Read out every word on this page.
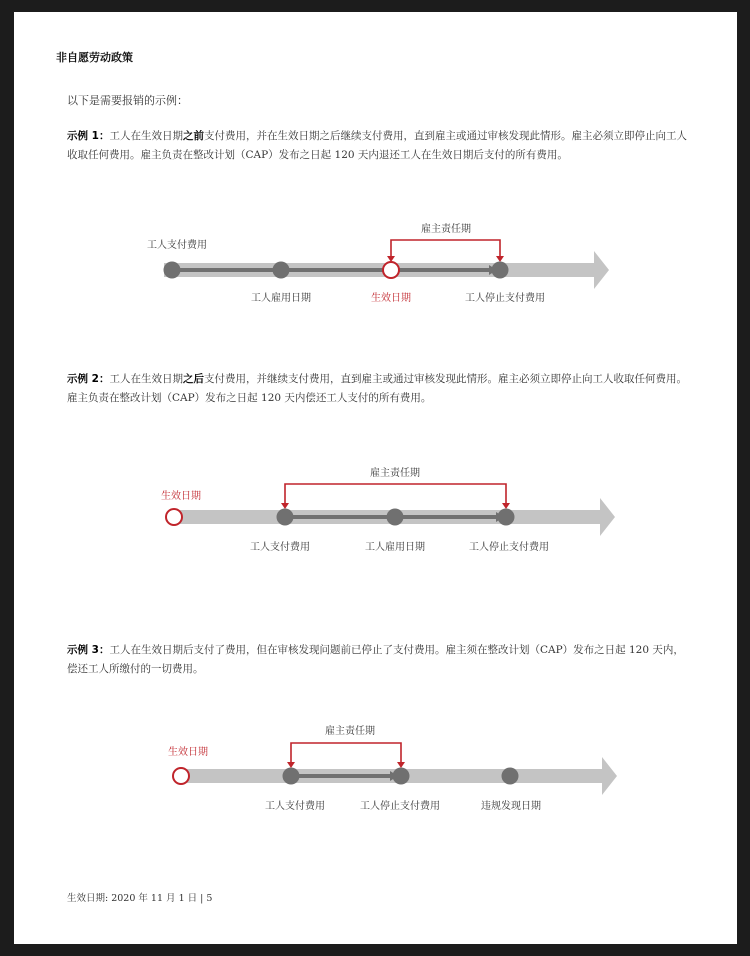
非自愿劳动政策
以下是需要报销的示例：
示例 1：工人在生效日期之前支付费用，并在生效日期之后继续支付费用，直到雇主或通过审核发现此情形。雇主必须立即停止向工人收取任何费用。雇主负责在整改计划（CAP）发布之日起 120 天内退还工人在生效日期后支付的所有费用。
雇主责任期
工人支付费用
工人雇用日期	生效日期	工人停止支付费用
示例 2：工人在生效日期之后支付费用，并继续支付费用，直到雇主或通过审核发现此情形。雇主必须立即停止向工人收取任何费用。雇主负责在整改计划（CAP）发布之日起 120 天内偿还工人支付的所有费用。
雇主责任期
生效日期
工人支付费用	工人雇用日期	工人停止支付费用
示例 3：工人在生效日期后支付了费用，但在审核发现问题前已停止了支付费用。雇主须在整改计划（CAP）发布之日起 120 天内，偿还工人所缴付的一切费用。
雇主责任期
生效日期
工人支付费用	工人停止支付费用	违规发现日期
生效日期: 2020 年 11 月 1 日 | 5
